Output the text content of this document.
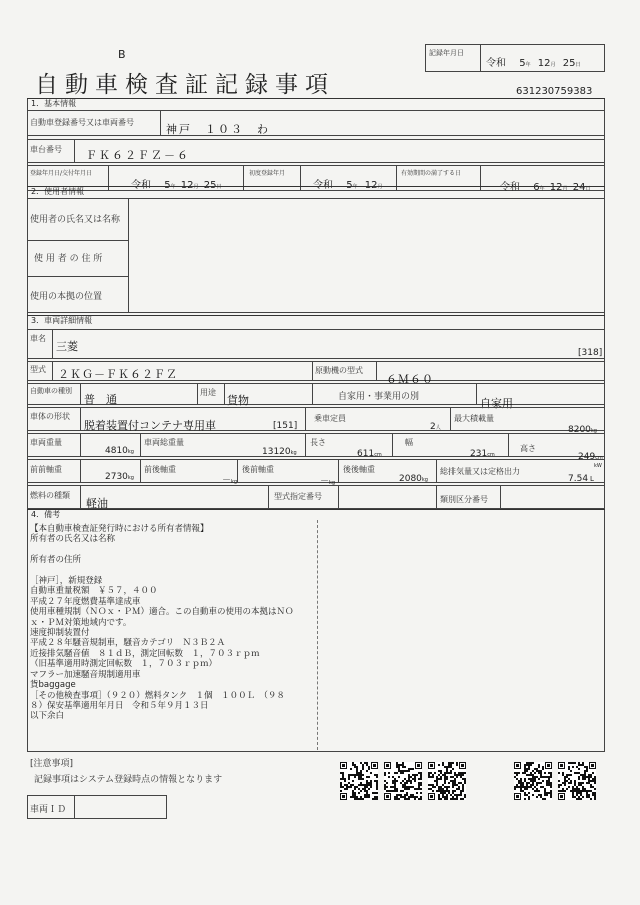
B
自動車検査証記録事項
記録年月日
令和 5年 12月 25日
631230759383
1．基本情報
自動車登録番号又は車両番号
神戸　１０３　わ
車台番号 ＦＫ６２ＦＺ－６
登録年月日/交付年月日
令和 5年 12月 25日
初度登録年月
令和 5年 12月
有効期間の満了する日
令和 6年 12月 24日
2．使用者情報
使用者の氏名又は名称
使 用 者 の 住 所
使用の本拠の位置
3．車両詳細情報
車名
三菱	[318]
型式 ２ＫＧ－ＦＫ６２ＦＺ	原動機の型式
６Ｍ６０
自動車の種別
普　通
用途
貨物	自家用・事業用の別	自家用
車体の形状
脱着装置付コンテナ専用車	[151]
乗車定員
2人
最大積載量
8200kg
車両重量
4810kg
車両総重量
13120kg
長さ
611cm
幅
231cm
高さ
249cm
前前軸重
2730kg
前後軸重
－kg
後前軸重
－kg
後後軸重
2080kg
総排気量又は定格出力
7.54 L
kW
燃料の種類
軽油
型式指定番号	類別区分番号
4．備考
【本自動車検査証発行時における所有者情報】
所有者の氏名又は名称

所有者の住所

［神戸］，新規登録
自動車重量税額　￥５７，４００
平成２７年度燃費基準達成車
使用車種規制（ＮＯｘ・ＰＭ）適合。この自動車の使用の本拠はＮＯ
ｘ・ＰＭ対策地域内です。
速度抑制装置付
平成２８年騒音規制車，騒音カテゴリ　Ｎ３Ｂ２Ａ
近接排気騒音値　８１ｄＢ，測定回転数　１，７０３ｒｐｍ
（旧基準適用時測定回転数　１，７０３ｒｐｍ）
マフラー加速騒音規制適用車
貨baggage
［その他検査事項］（９２０）燃料タンク　１個　１００Ｌ　（９８
８）保安基準適用年月日　令和５年９月１３日
以下余白
[注意事項]
記録事項はシステム登録時点の情報となります
車両ＩＤ
